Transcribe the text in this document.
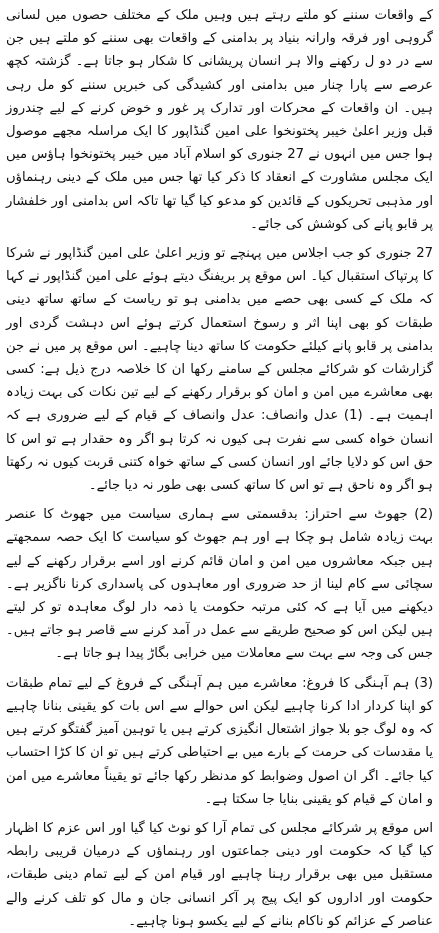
کے واقعات سننے کو ملتے رہتے ہیں وہیں ملک کے مختلف حصوں میں لسانی گروہی اور فرقہ وارانہ بنیاد پر بدامنی کے واقعات بھی سننے کو ملتے ہیں جن سے در دو ل رکھنے والا ہر انسان پریشانی کا شکار ہو جاتا ہے۔ گزشتہ کچھ عرصے سے پارا چنار میں بدامنی اور کشیدگی کی خبریں سننے کو مل رہی ہیں۔ ان واقعات کے محرکات اور تدارک پر غور و خوض کرنے کے لیے چندروز قبل وزیر اعلیٰ خیبر پختونخوا علی امین گنڈاپور کا ایک مراسلہ مجھے موصول ہوا جس میں انہوں نے 27 جنوری کو اسلام آباد میں خیبر پختونخوا ہاؤس میں ایک مجلس مشاورت کے انعقاد کا ذکر کیا تھا جس میں ملک کے دینی رہنماؤں اور مذہبی تحریکوں کے قائدین کو مدعو کیا گیا تھا تاکہ اس بدامنی اور خلفشار پر قابو پانے کی کوشش کی جائے۔

27 جنوری کو جب اجلاس میں پہنچے تو وزیر اعلیٰ علی امین گنڈاپور نے شرکا کا پرتپاک استقبال کیا۔ اس موقع پر بریفنگ دیتے ہوئے علی امین گنڈاپور نے کہا کہ ملک کے کسی بھی حصے میں بدامنی ہو تو ریاست کے ساتھ ساتھ دینی طبقات کو بھی اپنا اثر و رسوخ استعمال کرتے ہوئے اس دہشت گردی اور بدامنی پر قابو پانے کیلئے حکومت کا ساتھ دینا چاہیے۔ اس موقع پر میں نے جن گزارشات کو شرکائے مجلس کے سامنے رکھا ان کا خلاصہ درج ذیل ہے: کسی بھی معاشرے میں امن و امان کو برقرار رکھنے کے لیے تین نکات کی بہت زیادہ اہمیت ہے۔ (1) عدل وانصاف: عدل وانصاف کے قیام کے لیے ضروری ہے کہ انسان خواہ کسی سے نفرت ہی کیوں نہ کرتا ہو اگر وہ حقدار ہے تو اس کا حق اس کو دلایا جائے اور انسان کسی کے ساتھ خواہ کتنی قربت کیوں نہ رکھتا ہو اگر وہ ناحق ہے تو اس کا ساتھ کسی بھی طور نہ دیا جائے۔

(2) جھوٹ سے احتراز: بدقسمتی سے ہماری سیاست میں جھوٹ کا عنصر بہت زیادہ شامل ہو چکا ہے اور ہم جھوٹ کو سیاست کا ایک حصہ سمجھتے ہیں جبکہ معاشروں میں امن و امان قائم کرنے اور اسے برقرار رکھنے کے لیے سچائی سے کام لینا از حد ضروری اور معاہدوں کی پاسداری کرنا ناگزیر ہے۔ دیکھنے میں آیا ہے کہ کئی مرتبہ حکومت یا ذمہ دار لوگ معاہدہ تو کر لیتے ہیں لیکن اس کو صحیح طریقے سے عمل در آمد کرنے سے قاصر ہو جاتے ہیں۔ جس کی وجہ سے بہت سے معاملات میں خرابی بگاڑ پیدا ہو جاتا ہے۔

(3) ہم آہنگی کا فروغ: معاشرے میں ہم آہنگی کے فروغ کے لیے تمام طبقات کو اپنا کردار ادا کرنا چاہیے لیکن اس حوالے سے اس بات کو یقینی بنانا چاہیے کہ وہ لوگ جو بلا جواز اشتعال انگیزی کرتے ہیں یا توہین آمیز گفتگو کرتے ہیں یا مقدسات کی حرمت کے بارے میں بے احتیاطی کرتے ہیں تو ان کا کڑا احتساب کیا جائے۔ اگر ان اصول وضوابط کو مدنظر رکھا جائے تو یقیناً معاشرے میں امن و امان کے قیام کو یقینی بنایا جا سکتا ہے۔

اس موقع پر شرکائے مجلس کی تمام آرا کو نوٹ کیا گیا اور اس عزم کا اظہار کیا گیا کہ حکومت اور دینی جماعتوں اور رہنماؤں کے درمیان قریبی رابطہ مستقبل میں بھی برقرار رہنا چاہیے اور قیام امن کے لیے تمام دینی طبقات، حکومت اور اداروں کو ایک پیج پر آکر انسانی جان و مال کو تلف کرنے والے عناصر کے عزائم کو ناکام بنانے کے لیے یکسو ہونا چاہیے۔
